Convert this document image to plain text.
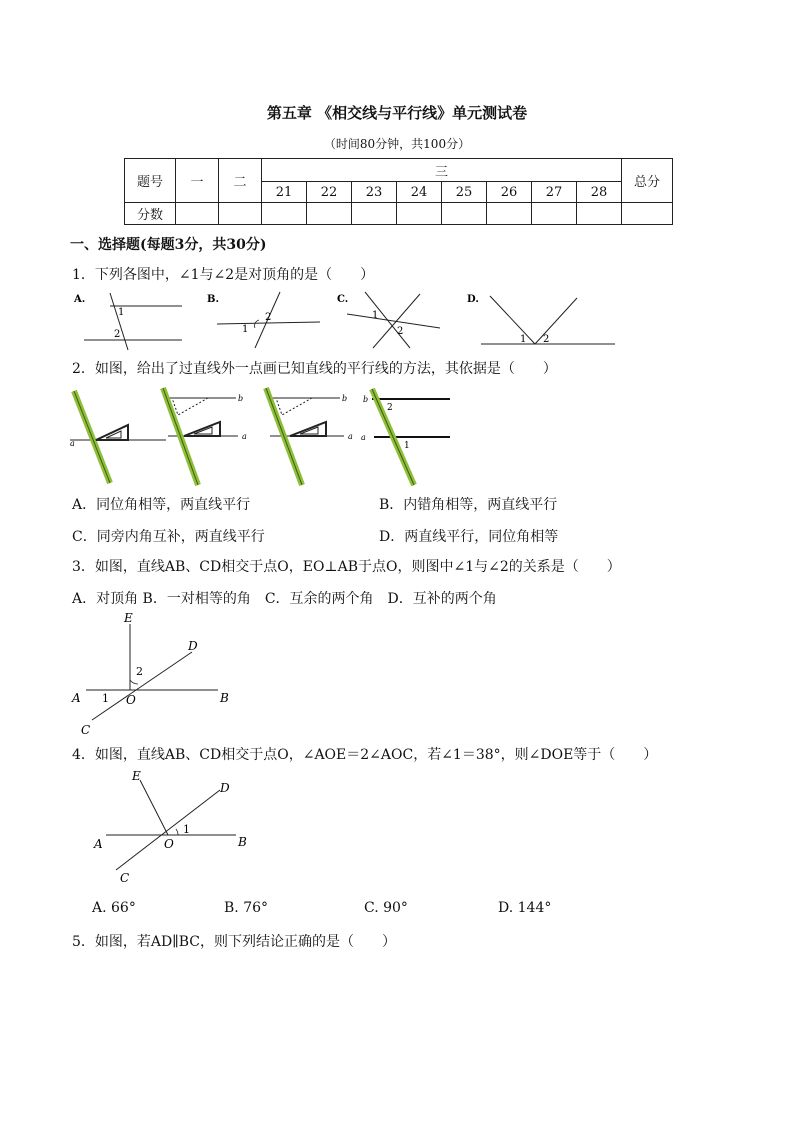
第五章 《相交线与平行线》单元测试卷
（时间80分钟，共100分）
题号	一	二	三								总分
			21	22	23	24	25	26	27	28	
分数											
一、选择题(每题3分，共30分)
1．下列各图中，∠1与∠2是对顶角的是（　　）
A.
1
2
B.
1
2
C.
1
2
D.
1 2
2．如图，给出了过直线外一点画已知直线的平行线的方法，其依据是（　　）
a
b
a
b
a
b
a
2
1
A．同位角相等，两直线平行	B．内错角相等，两直线平行
C．同旁内角互补，两直线平行	D．两直线平行，同位角相等
3．如图，直线AB、CD相交于点O，EO⊥AB于点O，则图中∠1与∠2的关系是（　　）
A．对顶角 B．一对相等的角　C．互余的两个角　D．互补的两个角
E
D
A	B
C
O
1
2
4．如图，直线AB、CD相交于点O，∠AOE＝2∠AOC，若∠1＝38°，则∠DOE等于（　　）
E
D
A	B
C
O
1
A. 66°	B. 76°	C. 90°	D. 144°
5．如图，若AD∥BC，则下列结论正确的是（　　）
